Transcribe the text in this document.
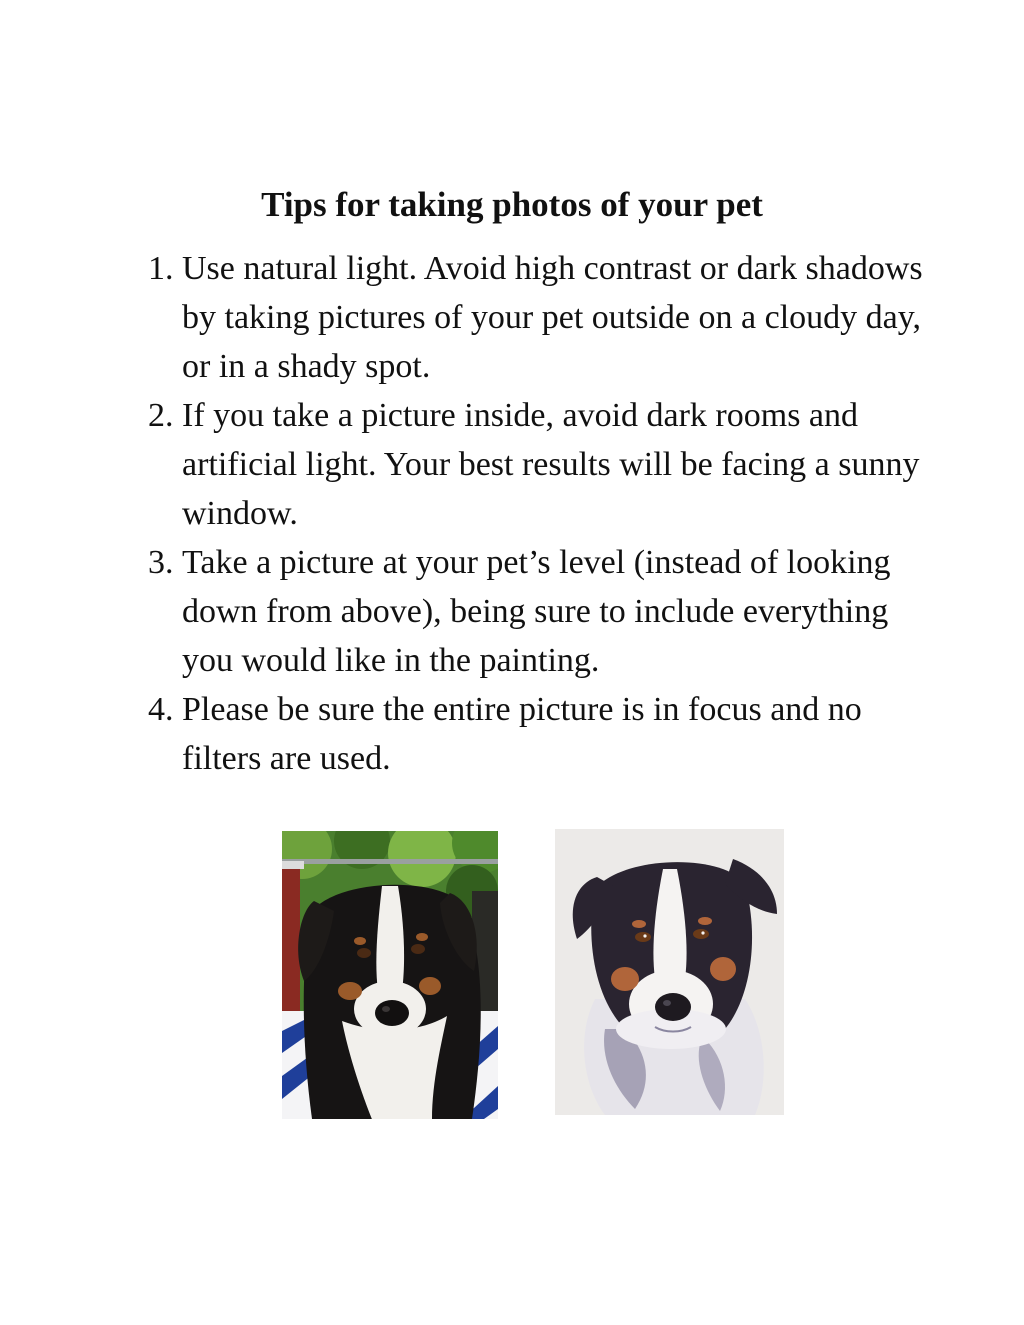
Tips for taking photos of your pet
1. Use natural light. Avoid high contrast or dark shadows by taking pictures of your pet outside on a cloudy day, or in a shady spot.
2. If you take a picture inside, avoid dark rooms and artificial light. Your best results will be facing a sunny window.
3. Take a picture at your pet’s level (instead of looking down from above), being sure to include everything you would like in the painting.
4. Please be sure the entire picture is in focus and no filters are used.
